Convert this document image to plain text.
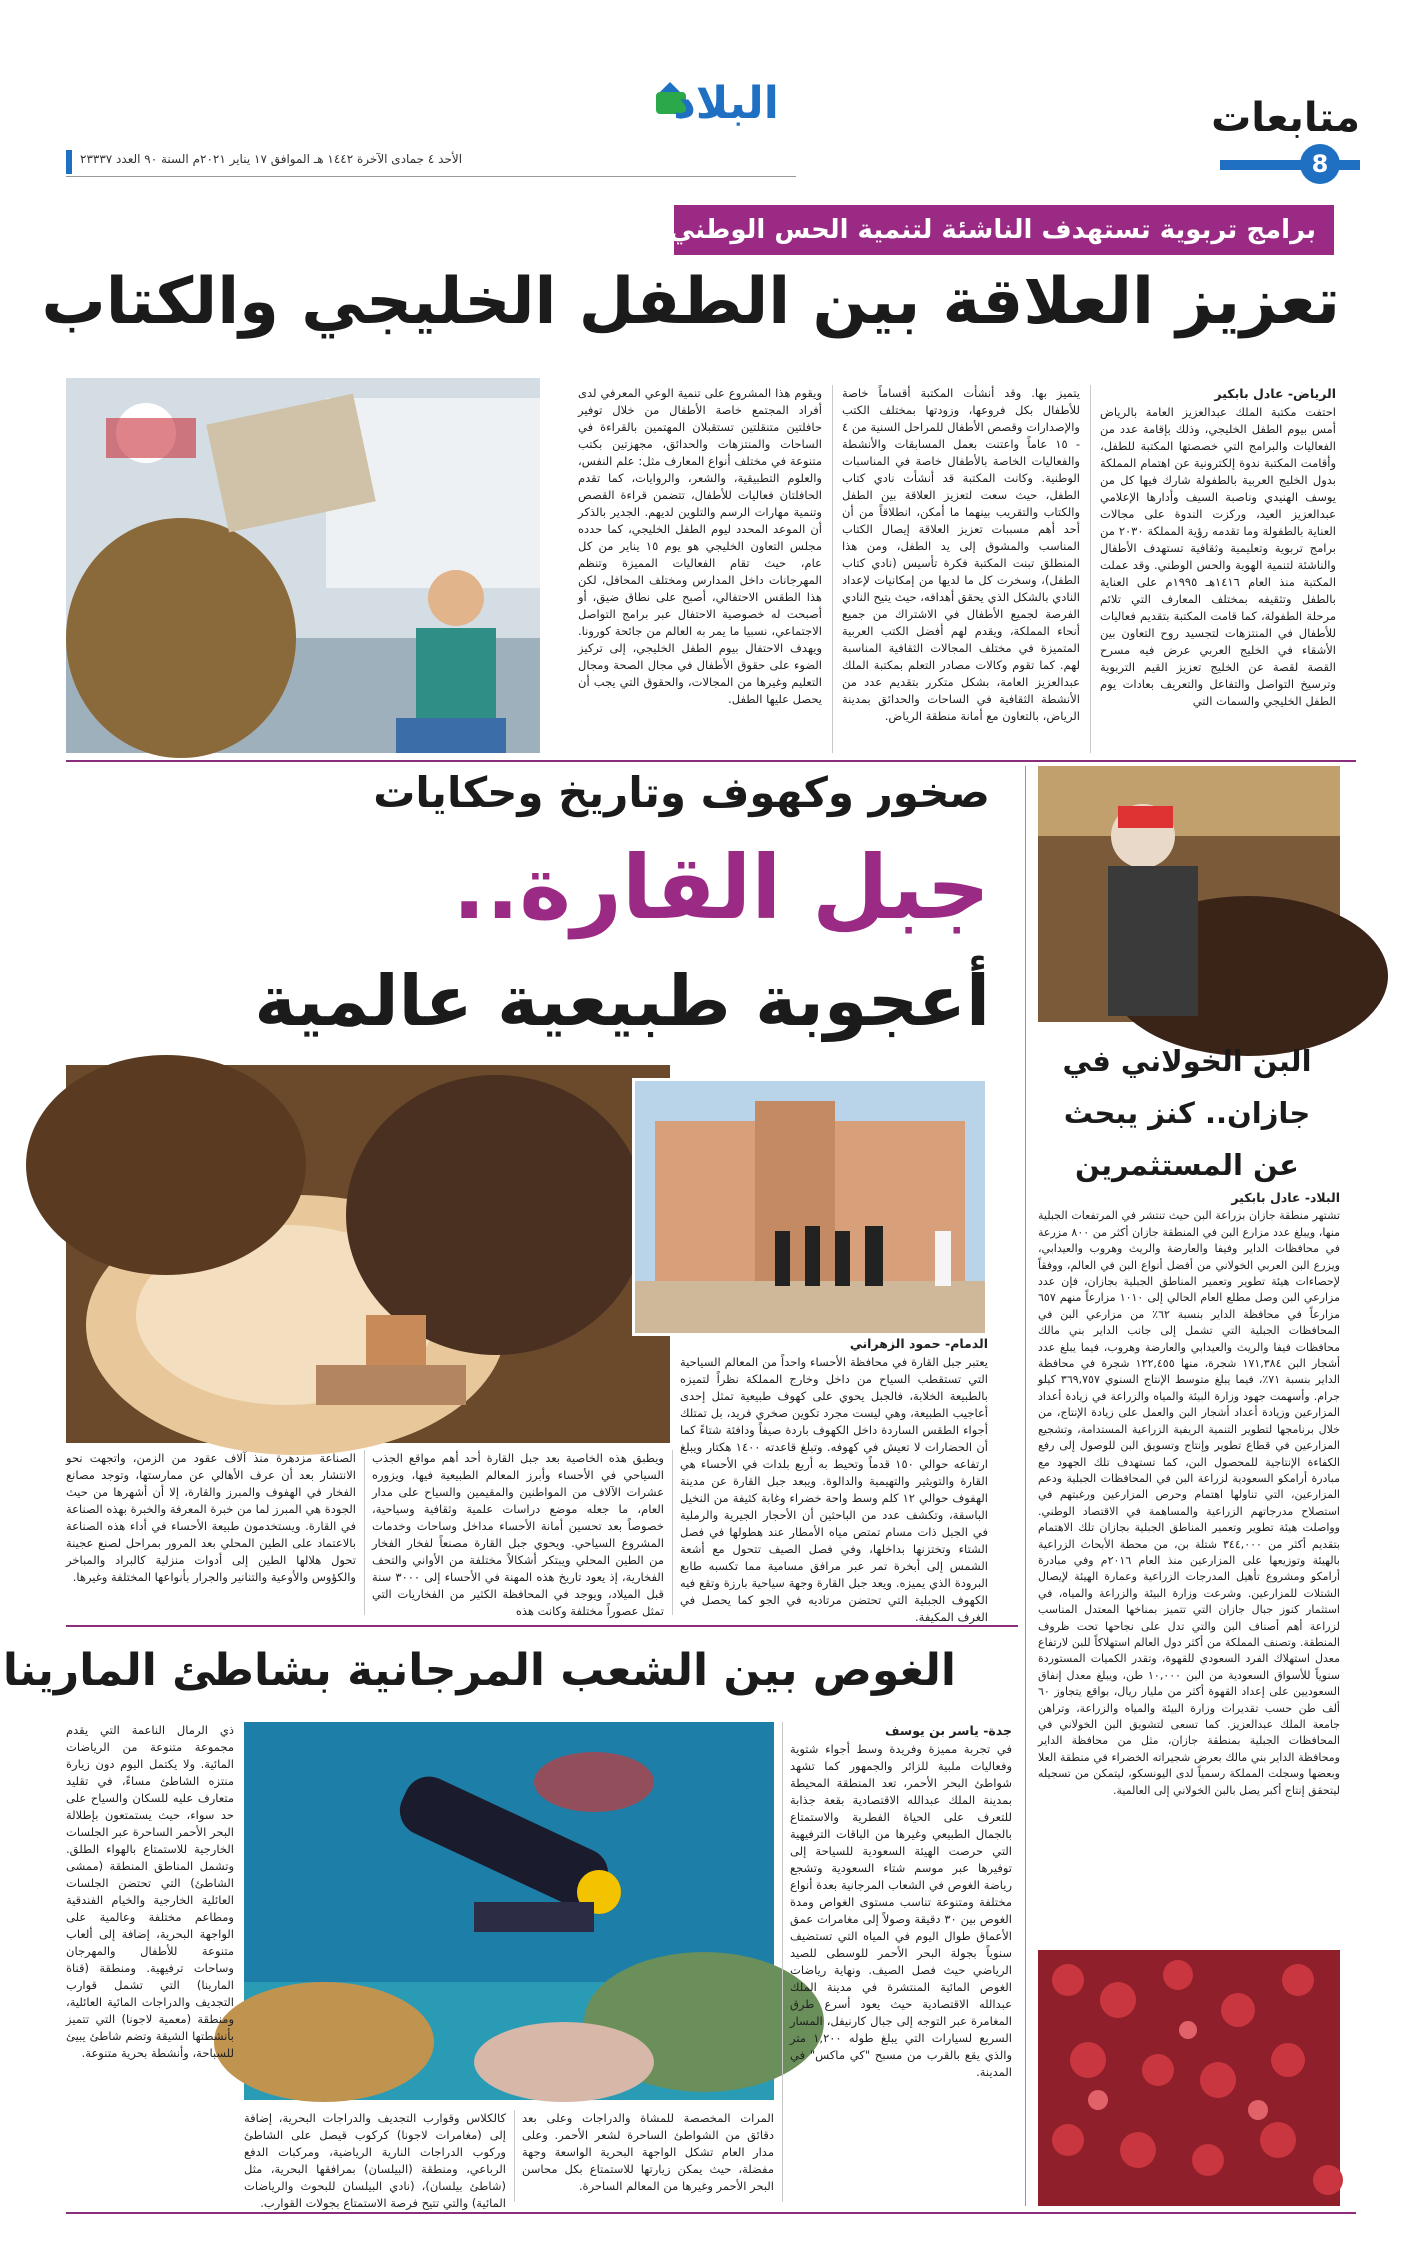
متابعات
8
البلاد
الأحد ٤ جمادى الآخرة ١٤٤٢ هـ الموافق ١٧ يناير ٢٠٢١م السنة ٩٠ العدد ٢٣٣٣٧
برامج تربوية تستهدف الناشئة لتنمية الحس الوطني
تعزيز العلاقة بين الطفل الخليجي والكتاب
الرياض- عادل بابكير
احتفت مكتبة الملك عبدالعزيز العامة بالرياض أمس بيوم الطفل الخليجي، وذلك بإقامة عدد من الفعاليات والبرامج التي خصصتها المكتبة للطفل، وأقامت المكتبة ندوة إلكترونية عن اهتمام المملكة بدول الخليج العربية بالطفولة شارك فيها كل من يوسف الهنيدي وناصبة السيف وأدارها الإعلامي عبدالعزيز العيد، وركزت الندوة على مجالات العناية بالطفولة وما تقدمه رؤية المملكة ٢٠٣٠ من برامج تربوية وتعليمية وثقافية تستهدف الأطفال والناشئة لتنمية الهوية والحس الوطني. وقد عملت المكتبة منذ العام ١٤١٦هـ ١٩٩٥م على العناية بالطفل وتثقيفه بمختلف المعارف التي تلائم مرحلة الطفولة، كما قامت المكتبة بتقديم فعاليات للأطفال في المنتزهات لتجسيد روح التعاون بين الأشقاء في الخليج العربي عرض فيه مسرح القصة لقصة عن الخليج تعزيز القيم التربوية وترسيخ التواصل والتفاعل والتعريف بعادات يوم الطفل الخليجي والسمات التي
يتميز بها. وقد أنشأت المكتبة أقساماً خاصة للأطفال بكل فروعها، وزودتها بمختلف الكتب والإصدارات وقصص الأطفال للمراحل السنية من ٤ - ١٥ عاماً واعتنت بعمل المسابقات والأنشطة والفعاليات الخاصة بالأطفال خاصة في المناسبات الوطنية. وكانت المكتبة قد أنشأت نادي كتاب الطفل، حيث سعت لتعزيز العلاقة بين الطفل والكتاب والتقريب بينهما ما أمكن، انطلاقاً من أن أحد أهم مسببات تعزيز العلاقة إيصال الكتاب المناسب والمشوق إلى يد الطفل، ومن هذا المنطلق تبنت المكتبة فكرة تأسيس (نادي كتاب الطفل)، وسخرت كل ما لديها من إمكانيات لإعداد النادي بالشكل الذي يحقق أهدافه، حيث يتيح النادي الفرصة لجميع الأطفال في الاشتراك من جميع أنحاء المملكة، ويقدم لهم أفضل الكتب العربية المتميزة في مختلف المجالات الثقافية المناسبة لهم. كما تقوم وكالات مصادر التعلم بمكتبة الملك عبدالعزيز العامة، بشكل متكرر بتقديم عدد من الأنشطة الثقافية في الساحات والحدائق بمدينة الرياض، بالتعاون مع أمانة منطقة الرياض.
ويقوم هذا المشروع على تنمية الوعي المعرفي لدى أفراد المجتمع خاصة الأطفال من خلال توفير حافلتين متنقلتين تستقبلان المهتمين بالقراءة في الساحات والمنتزهات والحدائق، مجهزتين بكتب متنوعة في مختلف أنواع المعارف مثل: علم النفس، والعلوم التطبيقية، والشعر، والروايات، كما تقدم الحافلتان فعاليات للأطفال، تتضمن قراءة القصص وتنمية مهارات الرسم والتلوين لديهم. الجدير بالذكر أن الموعد المحدد ليوم الطفل الخليجي، كما حدده مجلس التعاون الخليجي هو يوم ١٥ يناير من كل عام، حيث تقام الفعاليات المميزة وتنظم المهرجانات داخل المدارس ومختلف المحافل، لكن هذا الطقس الاحتفالي، أصبح على نطاق ضيق، أو أصبحت له خصوصية الاحتفال عبر برامج التواصل الاجتماعي، نسبيا ما يمر به العالم من جائحة كورونا. ويهدف الاحتفال بيوم الطفل الخليجي، إلى تركيز الضوء على حقوق الأطفال في مجال الصحة ومجال التعليم وغيرها من المجالات، والحقوق التي يجب أن يحصل عليها الطفل.
صخور وكهوف وتاريخ وحكايات
جبل القارة..
أعجوبة طبيعية عالمية
الدمام- حمود الزهراني
يعتبر جبل القارة في محافظة الأحساء واحداً من المعالم السياحية التي تستقطب السياح من داخل وخارج المملكة نظراً لتميزه بالطبيعة الخلابة، فالجبل يحوي على كهوف طبيعية تمثل إحدى أعاجيب الطبيعة، وهي ليست مجرد تكوين صخري فريد، بل تمتلك أجواء الطقس الساردة داخل الكهوف باردة صيفاً ودافئة شتاءً كما أن الحضارات لا تعيش في كهوفه. وتبلغ قاعدته ١٤٠٠ هكتار ويبلغ ارتفاعه حوالي ١٥٠ قدماً وتحيط به أربع بلدات في الأحساء هي القارة والتويثير والتهيمية والدالوة. ويبعد جبل القارة عن مدينة الهفوف حوالي ١٢ كلم وسط واحة خضراء وغابة كثيفة من النخيل الباسقة، وتكشف عدد من الباحثين أن الأحجار الجيرية والرملية في الجبل ذات مسام تمتص مياه الأمطار عند هطولها في فصل الشتاء وتختزنها بداخلها، وفي فصل الصيف تتحول مع أشعة الشمس إلى أبخرة تمر عبر مرافق مسامية مما تكسبه طابع البرودة الذي يميزه. ويعد جبل القارة وجهة سياحية بارزة وتقع فيه الكهوف الجبلية التي تحتضن مرتاديه في الجو كما يحصل في الغرف المكيفة.
ويطبق هذه الخاصية بعد جبل القارة أحد أهم مواقع الجذب السياحي في الأحساء وأبرز المعالم الطبيعية فيها، ويزوره عشرات الآلاف من المواطنين والمقيمين والسياح على مدار العام، ما جعله موضع دراسات علمية وثقافية وسياحية، خصوصاً بعد تحسين أمانة الأحساء مداخل وساحات وخدمات المشروع السياحي. ويحوي جبل القارة مصنعاً لفخار الفخار من الطين المحلي ويبتكر أشكالاً مختلفة من الأواني والتحف الفخارية، إذ يعود تاريخ هذه المهنة في الأحساء إلى ٣٠٠٠ سنة قبل الميلاد، ويوجد في المحافظة الكثير من الفخاريات التي تمثل عصوراً مختلفة وكانت هذه
الصناعة مزدهرة منذ آلاف عقود من الزمن، واتجهت نحو الانتشار بعد أن عرف الأهالي عن ممارستها، وتوجد مصانع الفخار في الهفوف والمبرز والقارة، إلا أن أشهرها من حيث الجودة هي المبرز لما من خبرة المعرفة والخبرة بهذه الصناعة في القارة. ويستخدمون طبيعة الأحساء في أداء هذه الصناعة بالاعتماد على الطين المحلي بعد المرور بمراحل لصنع عجينة تحول هلالها الطين إلى أدوات منزلية كالبراد والمباخر والكؤوس والأوعية والتنانير والجرار بأنواعها المختلفة وغيرها.
البن الخولاني في جازان.. كنز يبحث عن المستثمرين
البلاد- عادل بابكير
تشتهر منطقة جازان بزراعة البن حيث تنتشر في المرتفعات الجبلية منها، ويبلغ عدد مزارع البن في المنطقة جازان أكثر من ٨٠٠ مزرعة في محافظات الداير وفيفا والعارضة والريث وهروب والعيدابي، ويزرع البن العربي الخولاني من أفضل أنواع البن في العالم، ووفقاً لإحصاءات هيئة تطوير وتعمير المناطق الجبلية بجازان، فإن عدد مزارعي البن وصل مطلع العام الحالي إلى ١٠١٠ مزارعاً منهم ٦٥٧ مزارعاً في محافظة الداير بنسبة ٦٢٪ من مزارعي البن في المحافظات الجبلية التي تشمل إلى جانب الداير بني مالك محافظات فيفا والريث والعيدابي والعارضة وهروب، فيما يبلغ عدد أشجار البن ١٧١,٣٨٤ شجرة، منها ١٢٢,٤٥٥ شجرة في محافظة الداير بنسبة ٧١٪، فيما يبلغ متوسط الإنتاج السنوي ٣٦٩,٧٥٧ كيلو جرام. وأسهمت جهود وزارة البيئة والمياه والزراعة في زيادة أعداد المزارعين وزيادة أعداد أشجار البن والعمل على زيادة الإنتاج، من خلال برنامجها لتطوير التنمية الريفية الزراعية المستدامة، وتشجيع المزارعين في قطاع تطوير وإنتاج وتسويق البن للوصول إلى رفع الكفاءة الإنتاجية للمحصول البن، كما تستهدف تلك الجهود مع مبادرة أرامكو السعودية لزراعة البن في المحافظات الجبلية ودعم المزارعين، التي تناولها اهتمام وحرص المزارعين ورغبتهم في استصلاح مدرجاتهم الزراعية والمساهمة في الاقتصاد الوطني. وواصلت هيئة تطوير وتعمير المناطق الجبلية بجازان تلك الاهتمام بتقديم أكثر من ٣٤٤,٠٠٠ شتلة بن، من محطة الأبحاث الزراعية بالهيئة وتوزيعها على المزارعين منذ العام ٢٠١٦م وفي مبادرة أرامكو ومشروع تأهيل المدرجات الزراعية وعمارة الهيئة لإيصال الشتلات للمزارعين. وشرعت وزارة البيئة والزراعة والمياه، في استثمار كنوز جبال جازان التي تتميز بمناخها المعتدل المناسب لزراعة أهم أصناف البن والتي تدل على نجاحها تحت ظروف المنطقة. وتصنف المملكة من أكثر دول العالم استهلاكاً للبن لارتفاع معدل استهلاك الفرد السعودي للقهوة، وتقدر الكميات المستوردة سنوياً للأسواق السعودية من البن ١٠,٠٠٠ طن، ويبلغ معدل إنفاق السعوديين على إعداد القهوة أكثر من مليار ريال، بواقع يتجاوز ٦٠ ألف طن حسب تقديرات وزارة البيئة والمياه والزراعة، وتراهن جامعة الملك عبدالعزيز. كما تسعى لتشويق البن الخولاني في المحافظات الجبلية بمنطقة جازان، مثل من محافظة الداير ومحافظة الداير بني مالك بعرض شجيراته الخضراء في منطقة العلا وبعضها وسجلت المملكة رسمياً لدى اليونسكو، ليتمكن من تسجيله ليتحقق إنتاج أكبر يصل بالبن الخولاني إلى العالمية.
الغوص بين الشعب المرجانية بشاطئ المارينا
جدة- ياسر بن يوسف
في تجربة مميزة وفريدة وسط أجواء شتوية وفعاليات ملبية للزائر والجمهور كما تشهد شواطئ البحر الأحمر، تعد المنطقة المحيطة بمدينة الملك عبدالله الاقتصادية بقعة جذابة للتعرف على الحياة الفطرية والاستمتاع بالجمال الطبيعي وغيرها من الباقات الترفيهية التي حرصت الهيئة السعودية للسياحة إلى توفيرها عبر موسم شتاء السعودية وتشجع رياضة الغوص في الشعاب المرجانية بعدة أنواع مختلفة ومتنوعة تناسب مستوى الغواص ومدة الغوص بين ٣٠ دقيقة وصولاً إلى مغامرات عمق الأعماق طوال اليوم في المياه التي تستضيف سنوياً بجولة البحر الأحمر للوسطى للصيد الرياضي حيث فصل الصيف. ونهاية رياضات الغوص المائية المنتشرة في مدينة الملك عبدالله الاقتصادية حيث يعود أسرع طرق المغامرة عبر التوجه إلى جبال كارنيفل، المسار السريع لسيارات التي يبلغ طوله ١,٢٠٠ متر والذي يقع بالقرب من مسبح "كي ماكس" في المدينة.
المرات المخصصة للمشاة والدراجات وعلى بعد دقائق من الشواطئ الساحرة لشعر الأحمر. وعلى مدار العام تشكل الواجهة البحرية الواسعة وجهة مفضلة، حيث يمكن زيارتها للاستمتاع بكل محاسن البحر الأحمر وغيرها من المعالم الساحرة.
كالكلاس وقوارب التجديف والدراجات البحرية، إضافة إلى (مغامرات لاجونا) كركوب قيصل على الشاطئ وركوب الدراجات النارية الرياضية، ومركبات الدفع الرباعي، ومنطقة (البيلسان) بمرافقها البحرية، مثل (شاطئ بيلسان)، (نادي البيلسان للبحوث والرياضات المائية) والتي تتيح فرصة الاستمتاع بجولات القوارب.
ذي الرمال الناعمة التي يقدم مجموعة متنوعة من الرياضات المائية. ولا يكتمل اليوم دون زيارة منتزه الشاطئ مساءً، في تقليد متعارف عليه للسكان والسياح على حد سواء، حيث يستمتعون بإطلالة البحر الأحمر الساحرة عبر الجلسات الخارجية للاستمتاع بالهواء الطلق. وتشمل المناطق المنطقة (ممشى الشاطئ) التي تحتضن الجلسات العائلية الخارجية والخيام الفندقية ومطاعم مختلفة وعالمية على الواجهة البحرية، إضافة إلى ألعاب متنوعة للأطفال والمهرجان وساحات ترفيهية. ومنطقة (قناة المارينا) التي تشمل قوارب التجديف والدراجات المائية العائلية، ومنطقة (معمية لاجونا) التي تتميز بأنشطتها الشيقة وتضم شاطئ يبيئ للسباحة، وأنشطة بحرية متنوعة.
